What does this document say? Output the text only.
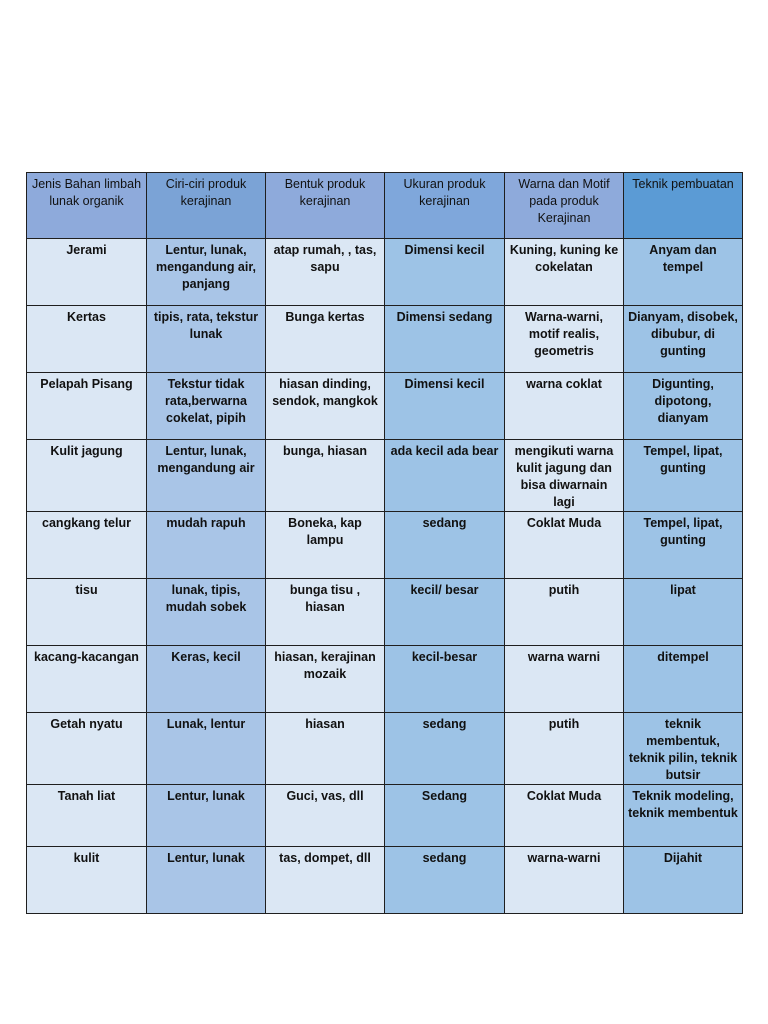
Jenis Bahan limbah lunak organik	Ciri-ciri produk kerajinan	Bentuk produk kerajinan	Ukuran produk kerajinan	Warna dan Motif pada produk Kerajinan	Teknik pembuatan
Jerami	Lentur, lunak, mengandung air, panjang	atap rumah, , tas, sapu	Dimensi kecil	Kuning, kuning ke cokelatan	Anyam dan tempel
Kertas	tipis, rata, tekstur lunak	Bunga kertas	Dimensi sedang	Warna-warni, motif realis, geometris	Dianyam, disobek, dibubur, di gunting
Pelapah Pisang	Tekstur tidak rata,berwarna cokelat, pipih	hiasan dinding, sendok, mangkok	Dimensi kecil	warna coklat	Digunting, dipotong, dianyam
Kulit jagung	Lentur, lunak, mengandung air	bunga, hiasan	ada kecil ada bear	mengikuti warna kulit jagung dan bisa diwarnain lagi	Tempel, lipat, gunting
cangkang telur	mudah rapuh	Boneka, kap lampu	sedang	Coklat Muda	Tempel, lipat, gunting
tisu	lunak, tipis, mudah sobek	bunga tisu , hiasan	kecil/ besar	putih	lipat
kacang-kacangan	Keras, kecil	hiasan, kerajinan mozaik	kecil-besar	warna warni	ditempel
Getah nyatu	Lunak, lentur	hiasan	sedang	putih	teknik membentuk, teknik pilin, teknik butsir
Tanah liat	Lentur, lunak	Guci, vas, dll	Sedang	Coklat Muda	Teknik modeling, teknik membentuk
kulit	Lentur, lunak	tas, dompet, dll	sedang	warna-warni	Dijahit
